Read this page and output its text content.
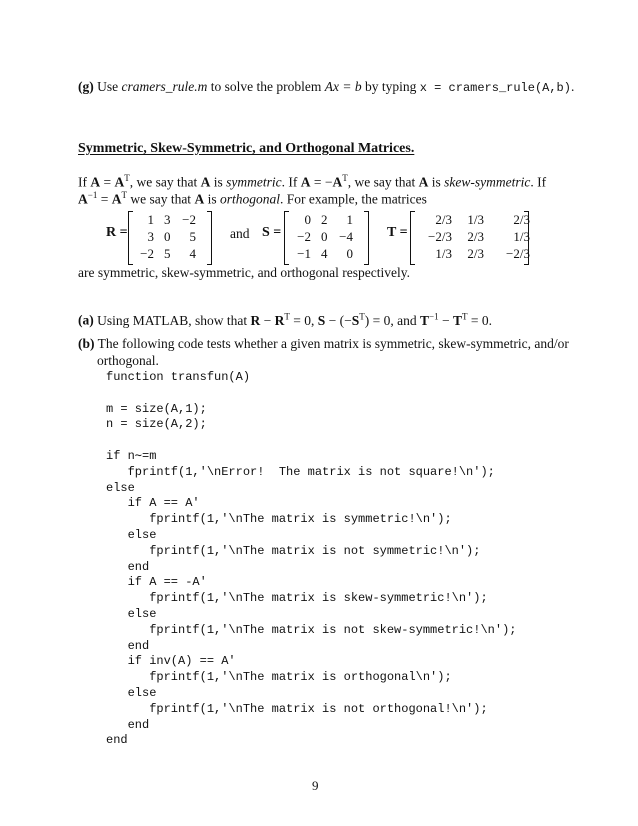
(g) Use cramers_rule.m to solve the problem Ax = b by typing x = cramers_rule(A,b).
Symmetric, Skew-Symmetric, and Orthogonal Matrices.
If $A = A^T$, we say that A is symmetric. If $A = -A^T$, we say that A is skew-symmetric. If
$A^{-1} = A^T$ we say that A is orthogonal. For example, the matrices
R =
1 3 −2
3 0	5
−2 5	4
and S =
0 2	1
−2 0 −4
−1 4	0
T =
2/3	1/3	2/3
−2/3	2/3	1/3
1/3	2/3	−2/3
are symmetric, skew-symmetric, and orthogonal respectively.
(a) Using MATLAB, show that $R - R^T = 0$, $S - (-S^T) = 0$, and $T^{-1} - T^T = 0$.
(b) The following code tests whether a given matrix is symmetric, skew-symmetric, and/or
orthogonal.
function transfun(A)

m = size(A,1);
n = size(A,2);

if n∼=m
fprintf(1,'\nError!  The matrix is not square!\n');
else
if A == A'
fprintf(1,'\nThe matrix is symmetric!\n');
else
fprintf(1,'\nThe matrix is not symmetric!\n');
end
if A == -A'
fprintf(1,'\nThe matrix is skew-symmetric!\n');
else
fprintf(1,'\nThe matrix is not skew-symmetric!\n');
end
if inv(A) == A'
fprintf(1,'\nThe matrix is orthogonal\n');
else
fprintf(1,'\nThe matrix is not orthogonal!\n');
end
end
9
